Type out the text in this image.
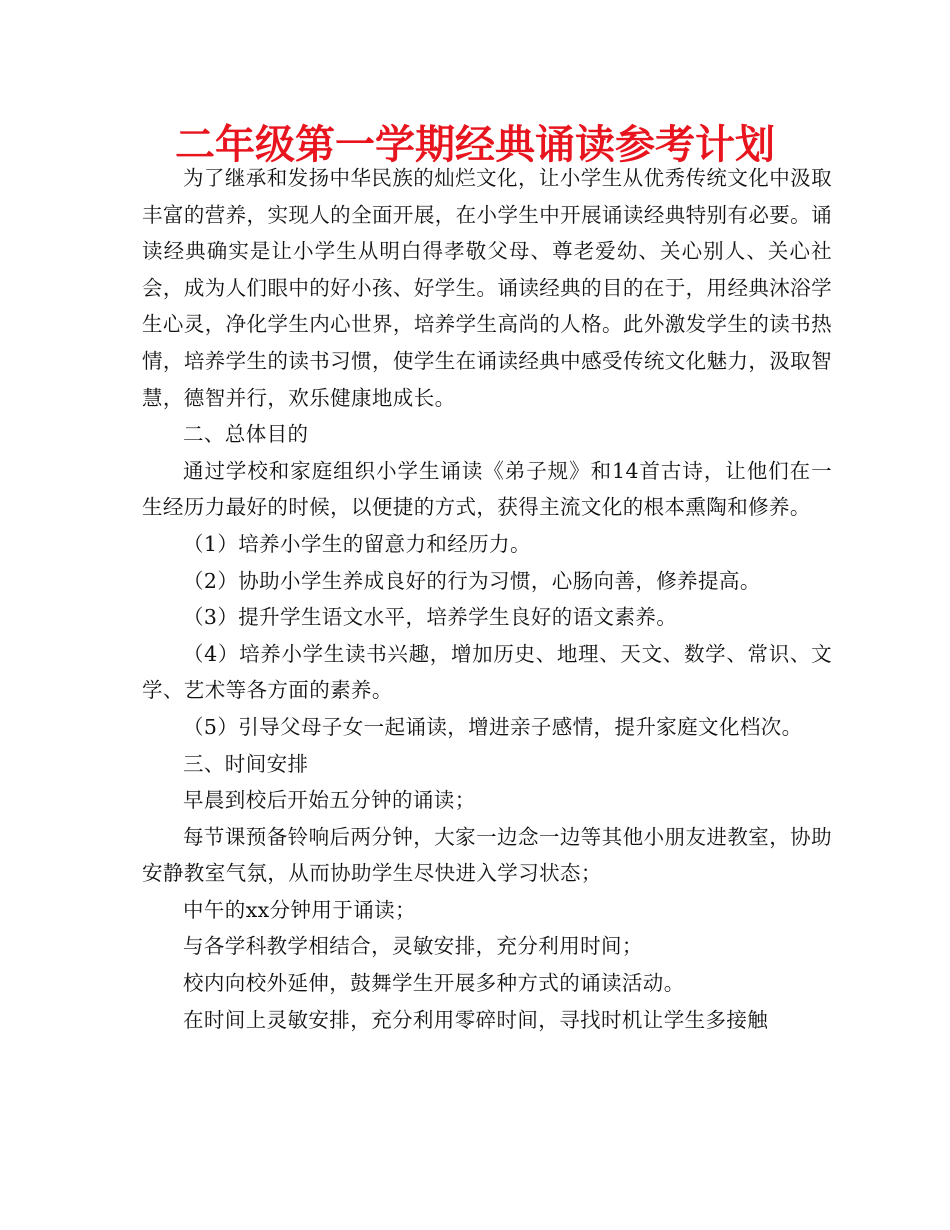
二年级第一学期经典诵读参考计划

为了继承和发扬中华民族的灿烂文化，让小学生从优秀传统文化中汲取丰富的营养，实现人的全面开展，在小学生中开展诵读经典特别有必要。诵读经典确实是让小学生从明白得孝敬父母、尊老爱幼、关心别人、关心社会，成为人们眼中的好小孩、好学生。诵读经典的目的在于，用经典沐浴学生心灵，净化学生内心世界，培养学生高尚的人格。此外激发学生的读书热情，培养学生的读书习惯，使学生在诵读经典中感受传统文化魅力，汲取智慧，德智并行，欢乐健康地成长。

二、总体目的

通过学校和家庭组织小学生诵读《弟子规》和14首古诗，让他们在一生经历力最好的时候，以便捷的方式，获得主流文化的根本熏陶和修养。

（1）培养小学生的留意力和经历力。

（2）协助小学生养成良好的行为习惯，心肠向善，修养提高。

（3）提升学生语文水平，培养学生良好的语文素养。

（4）培养小学生读书兴趣，增加历史、地理、天文、数学、常识、文学、艺术等各方面的素养。

（5）引导父母子女一起诵读，增进亲子感情，提升家庭文化档次。

三、时间安排

早晨到校后开始五分钟的诵读；

每节课预备铃响后两分钟，大家一边念一边等其他小朋友进教室，协助安静教室气氛，从而协助学生尽快进入学习状态；

中午的xx分钟用于诵读；

与各学科教学相结合，灵敏安排，充分利用时间；

校内向校外延伸，鼓舞学生开展多种方式的诵读活动。

在时间上灵敏安排，充分利用零碎时间，寻找时机让学生多接触
